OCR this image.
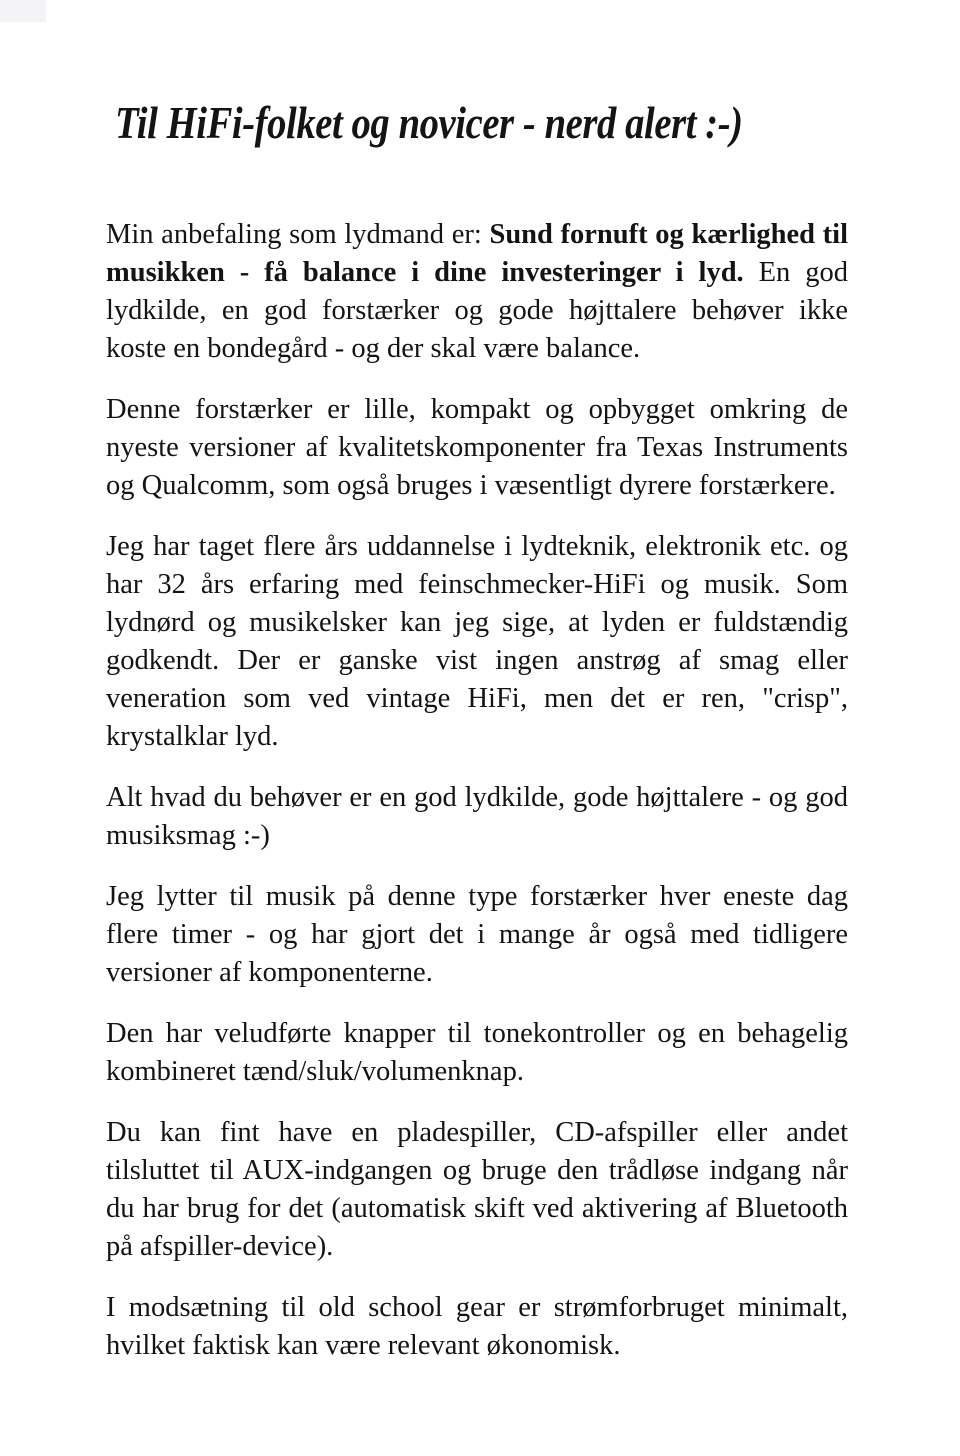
Til HiFi-folket og novicer - nerd alert :-)

Min anbefaling som lydmand er: Sund fornuft og kærlighed til musikken - få balance i dine investeringer i lyd. En god lydkilde, en god forstærker og gode højttalere behøver ikke koste en bondegård - og der skal være balance.

Denne forstærker er lille, kompakt og opbygget omkring de nyeste versioner af kvalitetskomponenter fra Texas Instruments og Qualcomm, som også bruges i væsentligt dyrere forstærkere.

Jeg har taget flere års uddannelse i lydteknik, elektronik etc. og har 32 års erfaring med feinschmecker-HiFi og musik. Som lydnørd og musikelsker kan jeg sige, at lyden er fuldstændig godkendt. Der er ganske vist ingen anstrøg af smag eller veneration som ved vintage HiFi, men det er ren, "crisp", krystalklar lyd.

Alt hvad du behøver er en god lydkilde, gode højttalere - og god musiksmag :-)

Jeg lytter til musik på denne type forstærker hver eneste dag flere timer - og har gjort det i mange år også med tidligere versioner af komponenterne.

Den har veludførte knapper til tonekontroller og en behagelig kombineret tænd/sluk/volumenknap.

Du kan fint have en pladespiller, CD-afspiller eller andet tilsluttet til AUX-indgangen og bruge den trådløse indgang når du har brug for det (automatisk skift ved aktivering af Bluetooth på afspiller-device).

I modsætning til old school gear er strømforbruget minimalt, hvilket faktisk kan være relevant økonomisk.
